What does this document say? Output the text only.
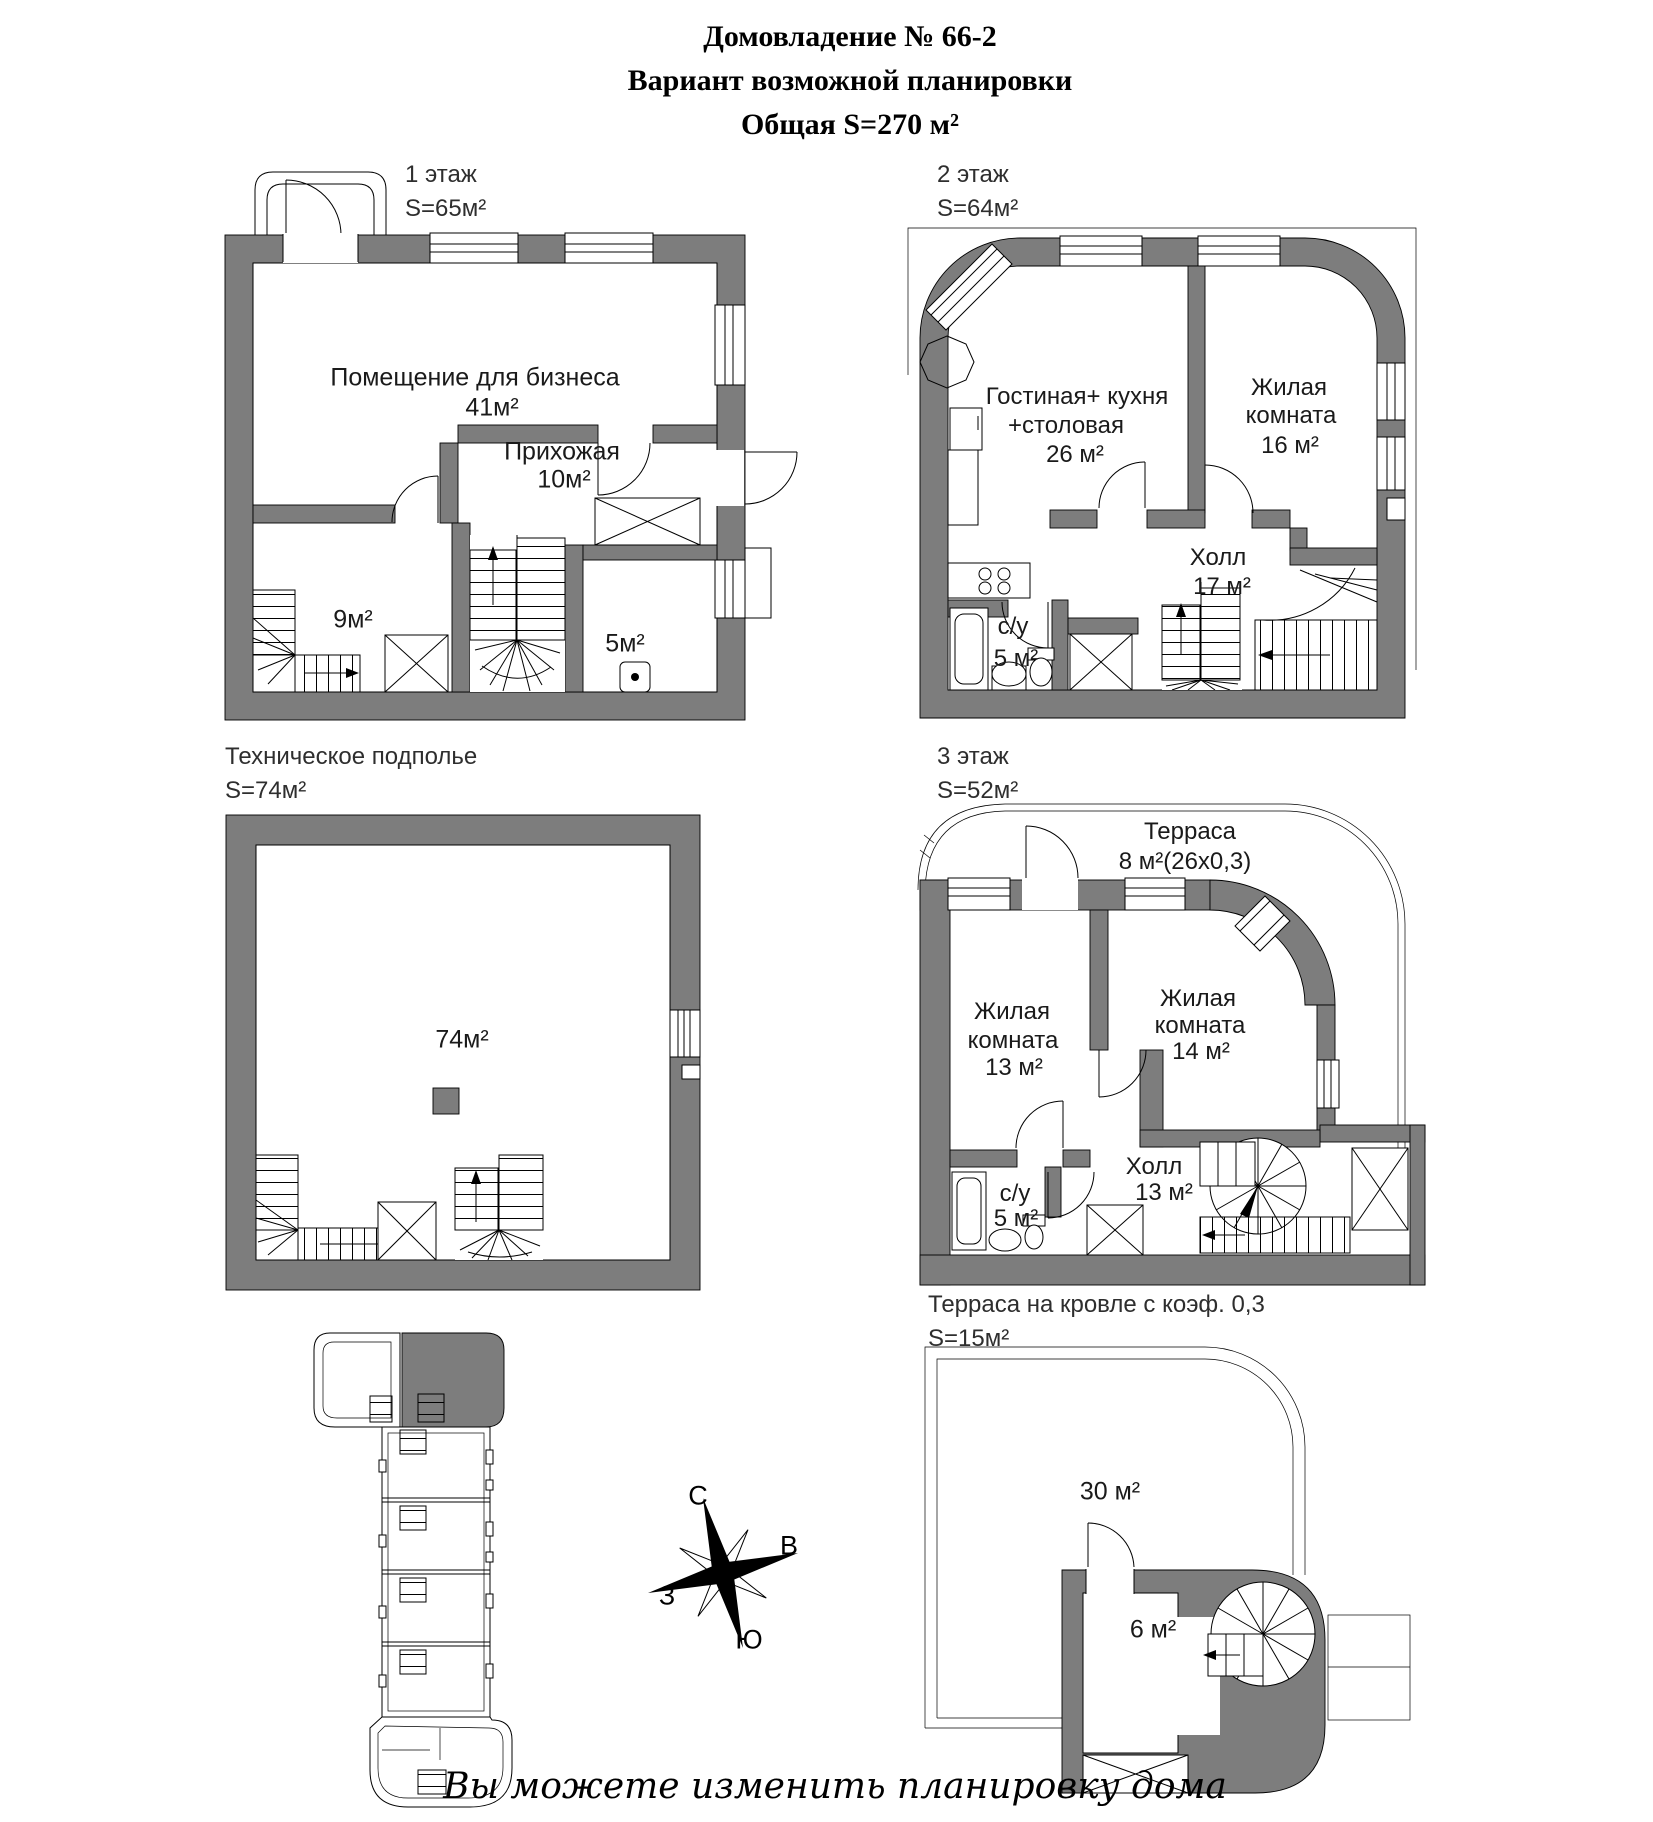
Домовладение № 66-2
Вариант возможной планировки
Общая S=270 м²
1 этаж
S=65м²
Помещение для бизнеса
41м²
Прихожая
10м²
9м²
5м²
2 этаж
S=64м²
Гостиная+ кухня
+столовая
26 м²
Жилая
комната
16 м²
Холл
17 м²
с/у
5 м²
Техническое подполье
S=74м²
74м²
3 этаж
S=52м²
Терраса
8 м²(26х0,3)
Жилая
комната
13 м²
Жилая
комната
14 м²
Холл
13 м²
с/у
5 м²
Терраса на кровле с коэф. 0,3
S=15м²
30 м²
6 м²
С
В
З
Ю
Вы можете изменить планировку дома
